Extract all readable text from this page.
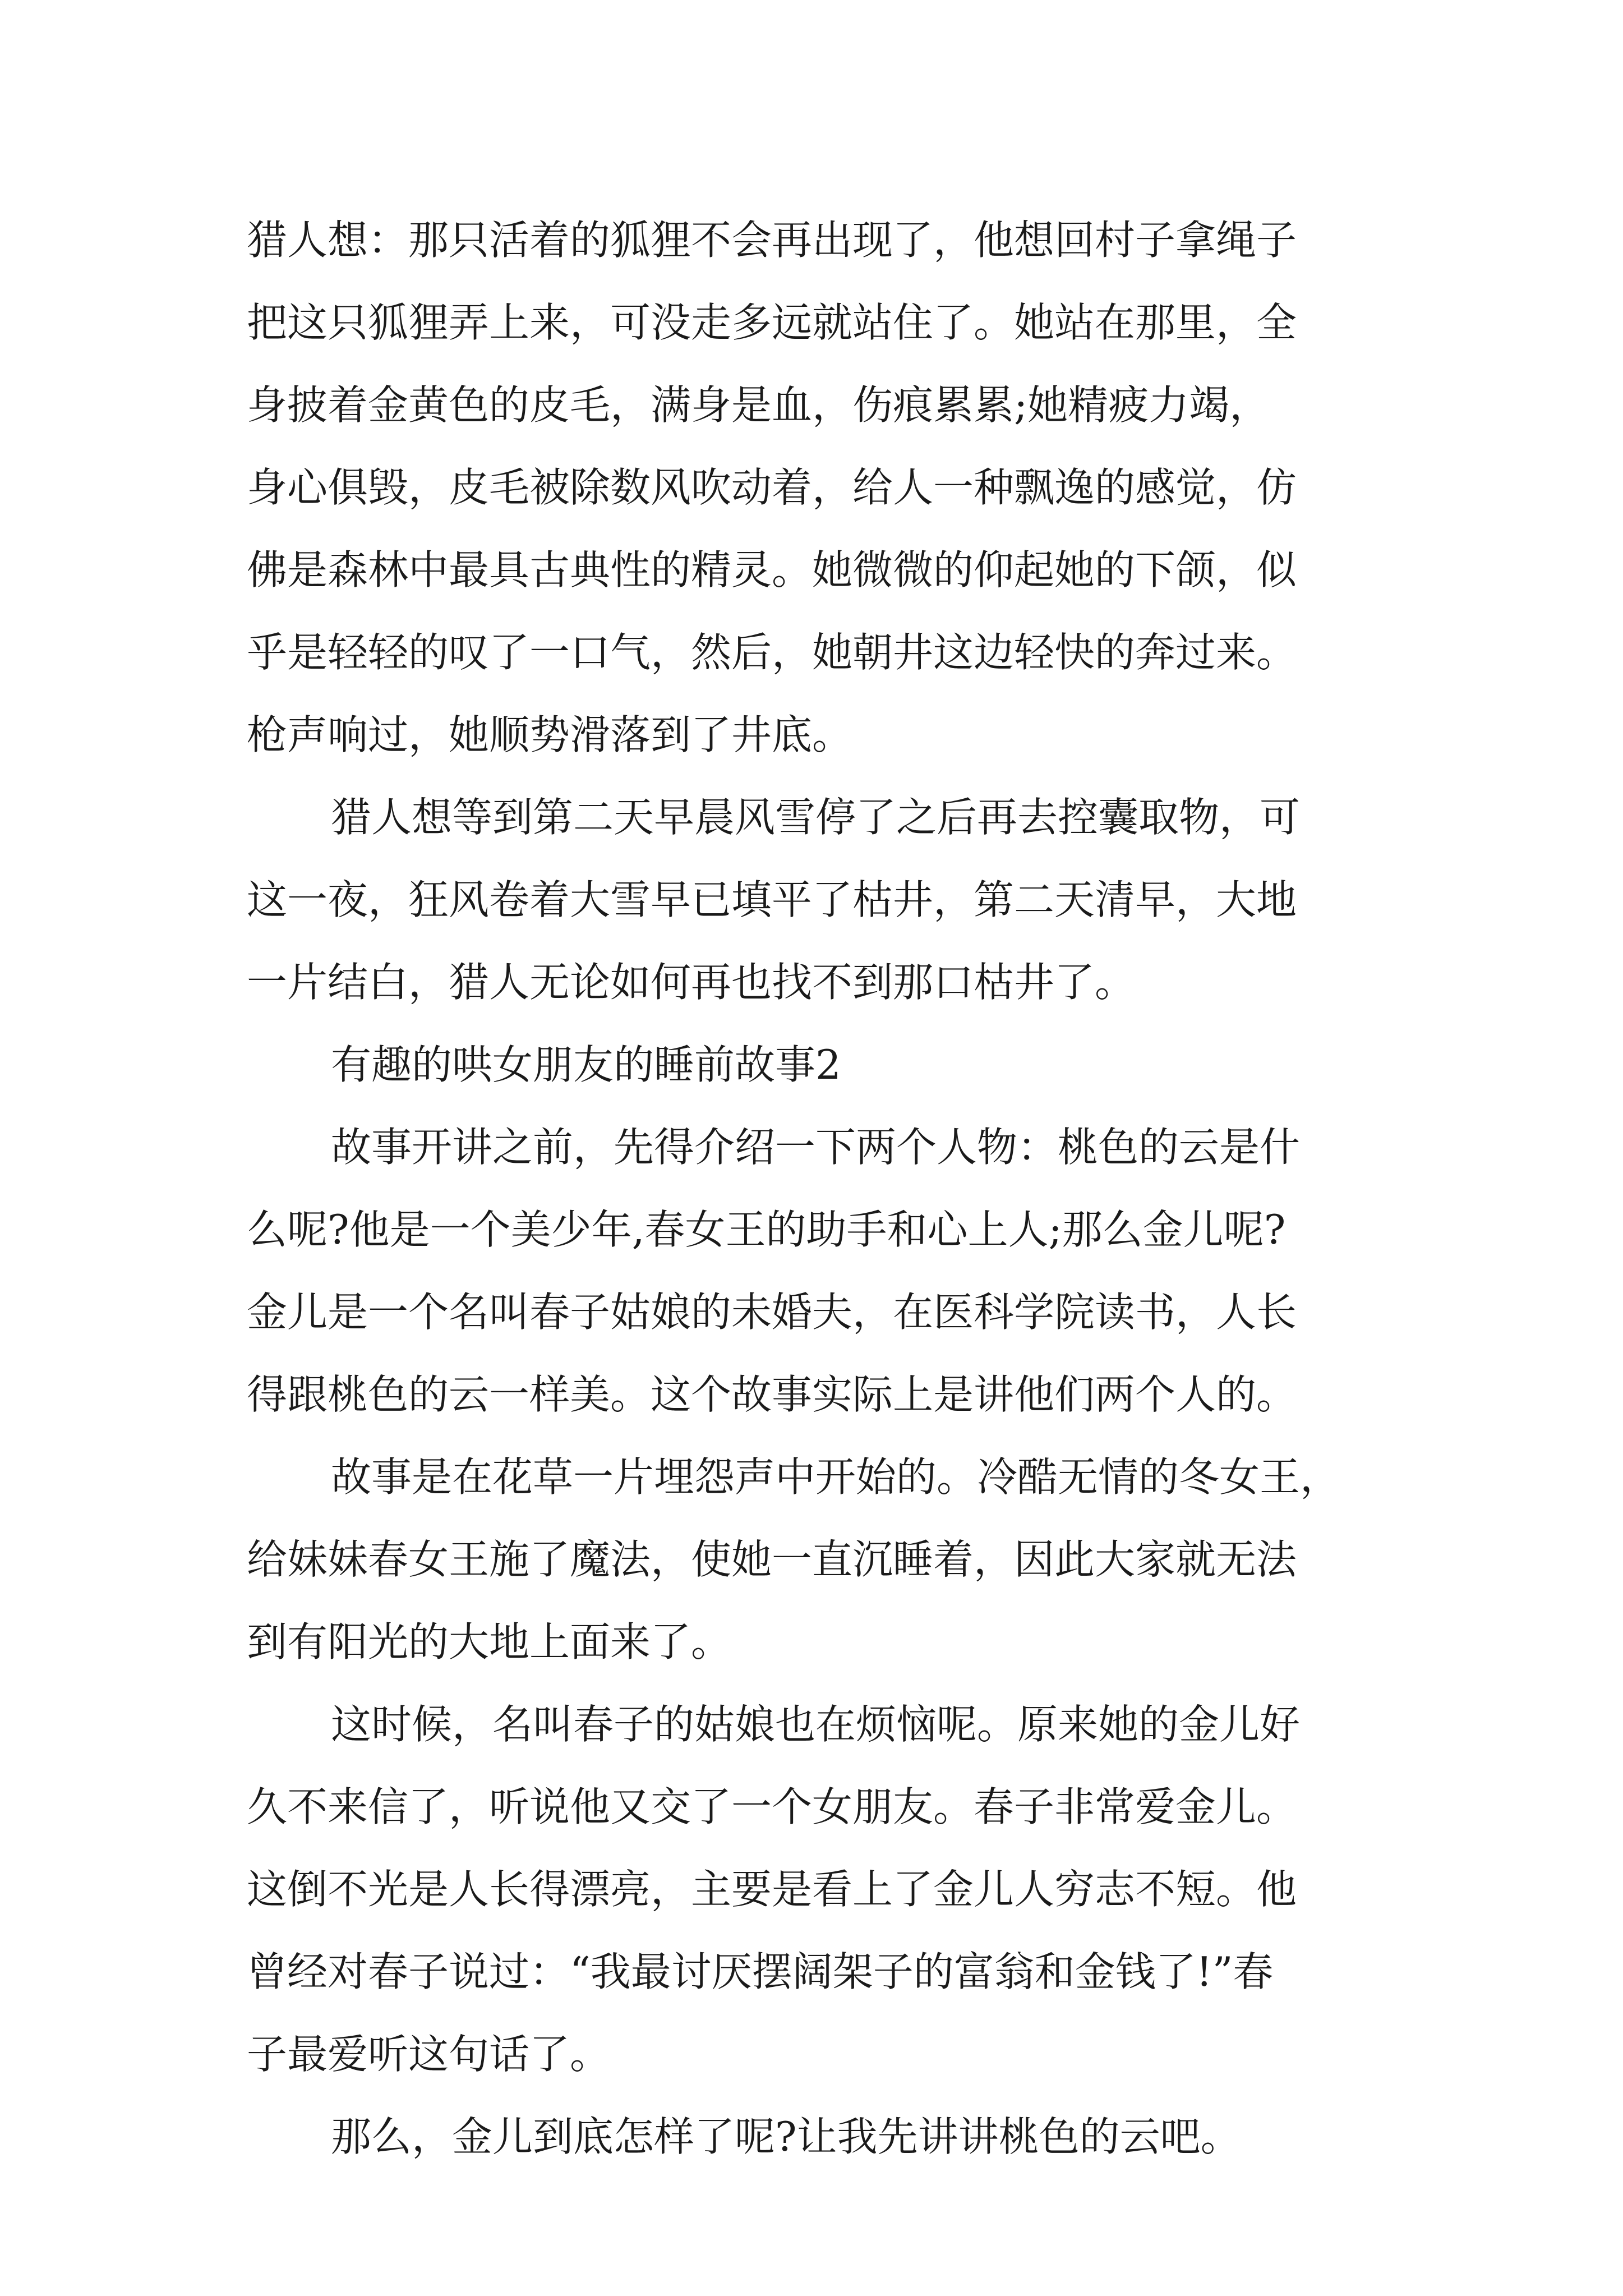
猎人想：那只活着的狐狸不会再出现了，他想回村子拿绳子
把这只狐狸弄上来，可没走多远就站住了。她站在那里，全
身披着金黄色的皮毛，满身是血，伤痕累累;她精疲力竭，
身心俱毁，皮毛被除数风吹动着，给人一种飘逸的感觉，仿
佛是森林中最具古典性的精灵。她微微的仰起她的下颌，似
乎是轻轻的叹了一口气，然后，她朝井这边轻快的奔过来。
枪声响过，她顺势滑落到了井底。
猎人想等到第二天早晨风雪停了之后再去控囊取物，可
这一夜，狂风卷着大雪早已填平了枯井，第二天清早，大地
一片结白，猎人无论如何再也找不到那口枯井了。
有趣的哄女朋友的睡前故事2
故事开讲之前，先得介绍一下两个人物：桃色的云是什
么呢?他是一个美少年,春女王的助手和心上人;那么金儿呢?
金儿是一个名叫春子姑娘的未婚夫，在医科学院读书，人长
得跟桃色的云一样美。这个故事实际上是讲他们两个人的。
故事是在花草一片埋怨声中开始的。冷酷无情的冬女王，
给妹妹春女王施了魔法，使她一直沉睡着，因此大家就无法
到有阳光的大地上面来了。
这时候，名叫春子的姑娘也在烦恼呢。原来她的金儿好
久不来信了，听说他又交了一个女朋友。春子非常爱金儿。
这倒不光是人长得漂亮，主要是看上了金儿人穷志不短。他
曾经对春子说过：“我最讨厌摆阔架子的富翁和金钱了!”春
子最爱听这句话了。
那么，金儿到底怎样了呢?让我先讲讲桃色的云吧。
